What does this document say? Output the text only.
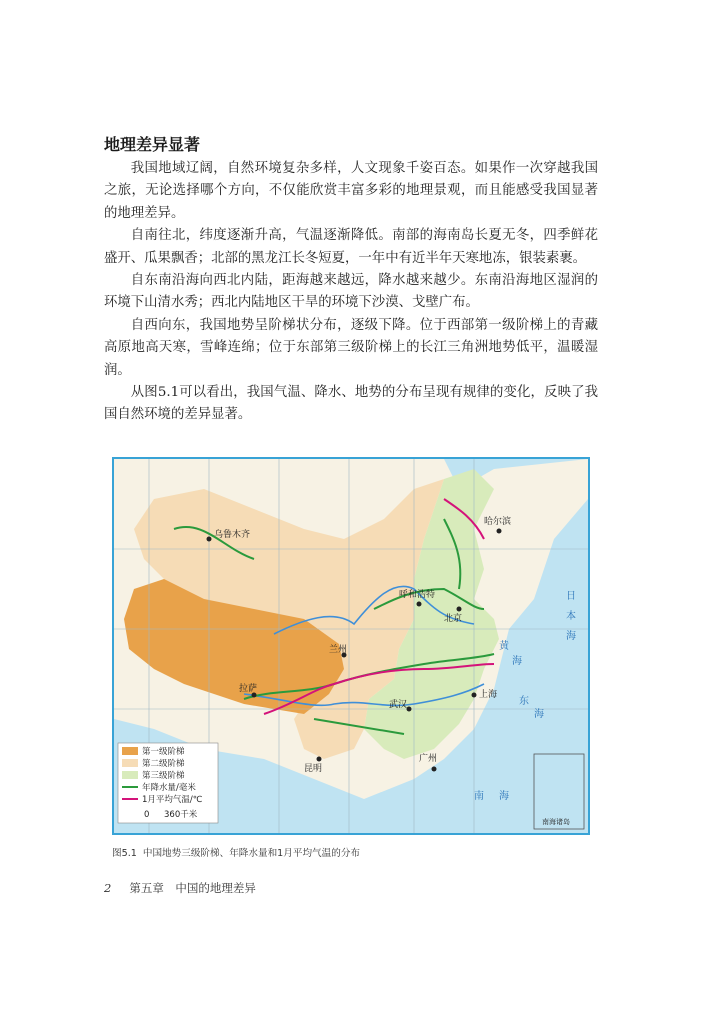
地理差异显著

我国地域辽阔，自然环境复杂多样，人文现象千姿百态。如果作一次穿越我国之旅，无论选择哪个方向，不仅能欣赏丰富多彩的地理景观，而且能感受我国显著的地理差异。

自南往北，纬度逐渐升高，气温逐渐降低。南部的海南岛长夏无冬，四季鲜花盛开、瓜果飘香；北部的黑龙江长冬短夏，一年中有近半年天寒地冻，银装素裹。

自东南沿海向西北内陆，距海越来越远，降水越来越少。东南沿海地区湿润的环境下山清水秀；西北内陆地区干旱的环境下沙漠、戈壁广布。

自西向东，我国地势呈阶梯状分布，逐级下降。位于西部第一级阶梯上的青藏高原地高天寒，雪峰连绵；位于东部第三级阶梯上的长江三角洲地势低平，温暖湿润。

从图5.1可以看出，我国气温、降水、地势的分布呈现有规律的变化，反映了我国自然环境的差异显著。

乌鲁木齐
哈尔滨
呼和浩特
北京
兰州
拉萨
武汉
上海
昆明
广州
日
本
海
黄
海
东
海
南 海
第一级阶梯
第二级阶梯
第三级阶梯
年降水量/毫米
1月平均气温/℃
0 360千米
南海诸岛
图5.1 中国地势三级阶梯、年降水量和1月平均气温的分布
2 第五章　中国的地理差异
